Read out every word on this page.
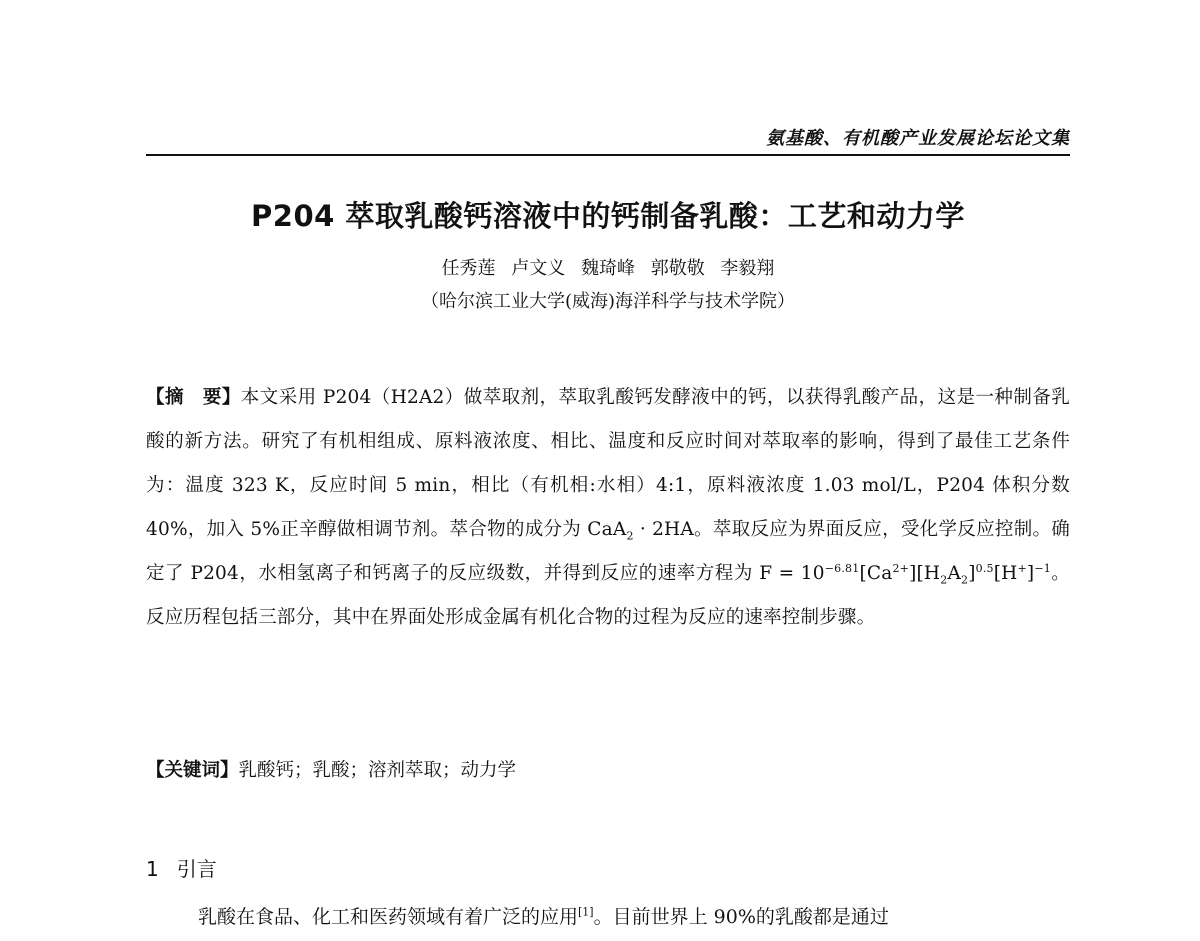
氨基酸、有机酸产业发展论坛论文集
P204 萃取乳酸钙溶液中的钙制备乳酸：工艺和动力学
任秀莲 卢文义 魏琦峰 郭敬敬 李毅翔
（哈尔滨工业大学(威海)海洋科学与技术学院）
【摘　要】本文采用 P204（H2A2）做萃取剂，萃取乳酸钙发酵液中的钙，以获得乳酸产品，这是一种制备乳酸的新方法。研究了有机相组成、原料液浓度、相比、温度和反应时间对萃取率的影响，得到了最佳工艺条件为：温度 323 K，反应时间 5 min，相比（有机相:水相）4:1，原料液浓度 1.03 mol/L，P204 体积分数 40%，加入 5%正辛醇做相调节剂。萃合物的成分为 CaA$_2$ · 2HA。萃取反应为界面反应，受化学反应控制。确定了 P204，水相氢离子和钙离子的反应级数，并得到反应的速率方程为 $F = 10^{-6.81}[Ca^{2+}][H_2A_2]^{0.5}[H^+]^{-1}$。反应历程包括三部分，其中在界面处形成金属有机化合物的过程为反应的速率控制步骤。
【关键词】乳酸钙；乳酸；溶剂萃取；动力学
1 引言
乳酸在食品、化工和医药领域有着广泛的应用[1]。目前世界上 90%的乳酸都是通过
